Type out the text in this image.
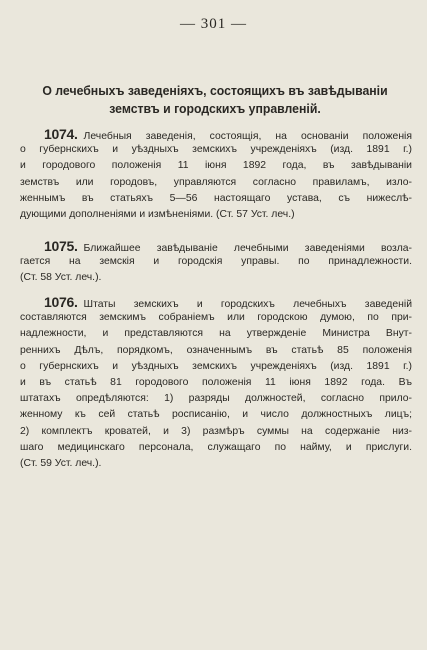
— 301 —
О лечебныхъ заведеніяхъ, состоящихъ въ завѣдываніи
земствъ и городскихъ управленій.
1074. Лечебныя заведенія, состоящія, на основаніи положенія
о губернскихъ и уѣздныхъ земскихъ учрежденіяхъ (изд. 1891 г.)
и городового положенія 11 іюня 1892 года, въ завѣдываніи
земствъ или городовъ, управляются согласно правиламъ, изло-
женнымъ въ статьяхъ 5—56 настоящаго устава, съ нижеслѣ-
дующими дополненіями и измѣненіями. (Ст. 57 Уст. леч.)
1075. Ближайшее завѣдываніе лечебными заведеніями возла-
гается на земскія и городскія управы. по принадлежности.
(Ст. 58 Уст. леч.).
1076. Штаты земскихъ и городскихъ лечебныхъ заведеній
составляются земскимъ собраніемъ или городскою думою, по при-
надлежности, и представляются на утвержденіе Министра Внут-
реннихъ Дѣлъ, порядкомъ, означеннымъ въ статьѣ 85 положенія
о губернскихъ и уѣздныхъ земскихъ учрежденіяхъ (изд. 1891 г.)
и въ статьѣ 81 городового положенія 11 іюня 1892 года. Въ
штатахъ опредѣляются: 1) разряды должностей, согласно прило-
женному къ сей статьѣ росписанію, и число должностныхъ лицъ;
2) комплектъ кроватей, и 3) размѣръ суммы на содержаніе низ-
шаго медицинскаго персонала, служащаго по найму, и прислуги.
(Ст. 59 Уст. леч.).
